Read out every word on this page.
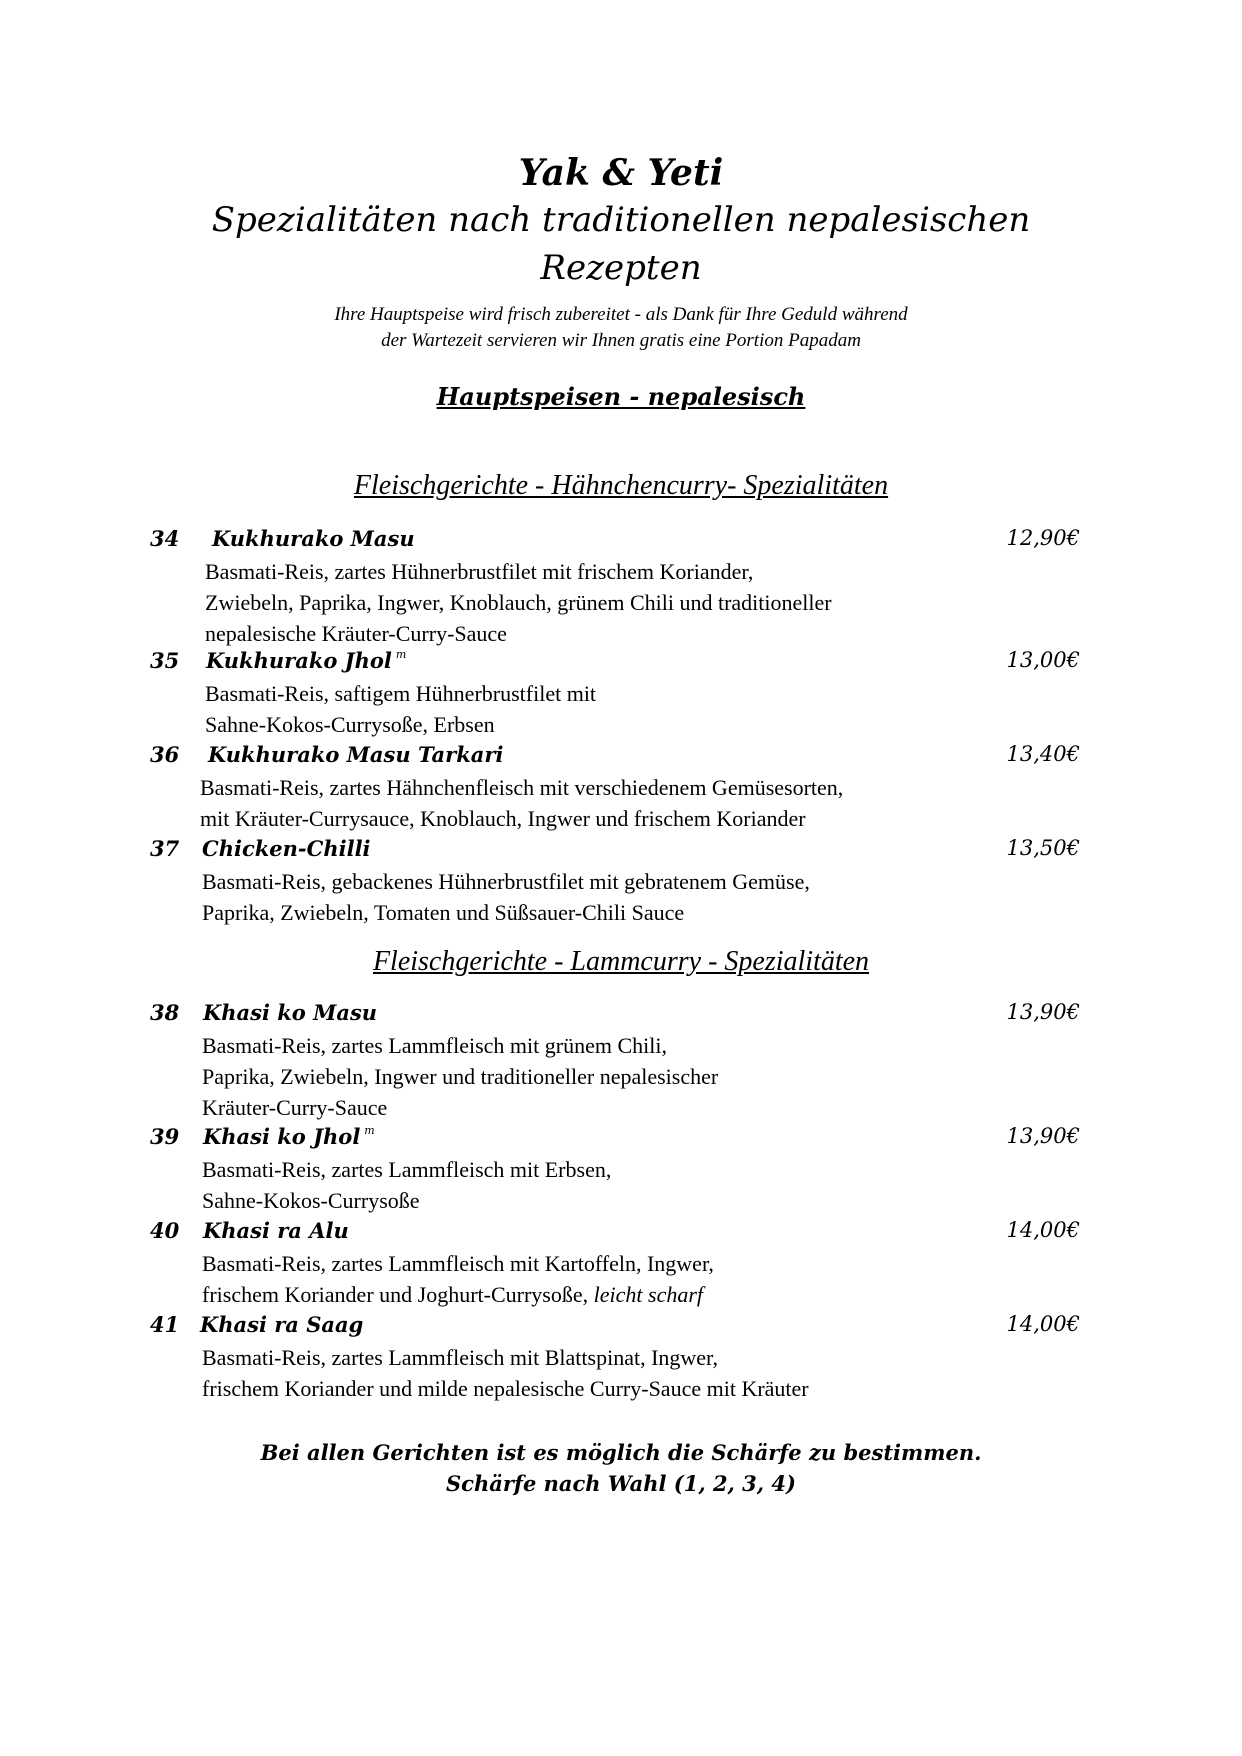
Yak & Yeti
Spezialitäten nach traditionellen nepalesischen
Rezepten
Ihre Hauptspeise wird frisch zubereitet - als Dank für Ihre Geduld während
der Wartezeit servieren wir Ihnen gratis eine Portion Papadam
Hauptspeisen - nepalesisch
Fleischgerichte - Hähnchencurry- Spezialitäten
34 Kukhurako Masu	12,90€
Basmati-Reis, zartes Hühnerbrustfilet mit frischem Koriander,
Zwiebeln, Paprika, Ingwer, Knoblauch, grünem Chili und traditioneller
nepalesische Kräuter-Curry-Sauce
35 Kukhurako Jhol $^m$	13,00€
Basmati-Reis, saftigem Hühnerbrustfilet mit
Sahne-Kokos-Currysoße, Erbsen
36 Kukhurako Masu Tarkari	13,40€
Basmati-Reis, zartes Hähnchenfleisch mit verschiedenem Gemüsesorten,
mit Kräuter-Currysauce, Knoblauch, Ingwer und frischem Koriander
37 Chicken-Chilli	13,50€
Basmati-Reis, gebackenes Hühnerbrustfilet mit gebratenem Gemüse,
Paprika, Zwiebeln, Tomaten und Süßsauer-Chili Sauce
Fleischgerichte - Lammcurry - Spezialitäten
38 Khasi ko Masu	13,90€
Basmati-Reis, zartes Lammfleisch mit grünem Chili,
Paprika, Zwiebeln, Ingwer und traditioneller nepalesischer
Kräuter-Curry-Sauce
39 Khasi ko Jhol $^m$	13,90€
Basmati-Reis, zartes Lammfleisch mit Erbsen,
Sahne-Kokos-Currysoße
40 Khasi ra Alu	14,00€
Basmati-Reis, zartes Lammfleisch mit Kartoffeln, Ingwer,
frischem Koriander und Joghurt-Currysoße, leicht scharf
41 Khasi ra Saag	14,00€
Basmati-Reis, zartes Lammfleisch mit Blattspinat, Ingwer,
frischem Koriander und milde nepalesische Curry-Sauce mit Kräuter
Bei allen Gerichten ist es möglich die Schärfe zu bestimmen.
Schärfe nach Wahl (1, 2, 3, 4)
